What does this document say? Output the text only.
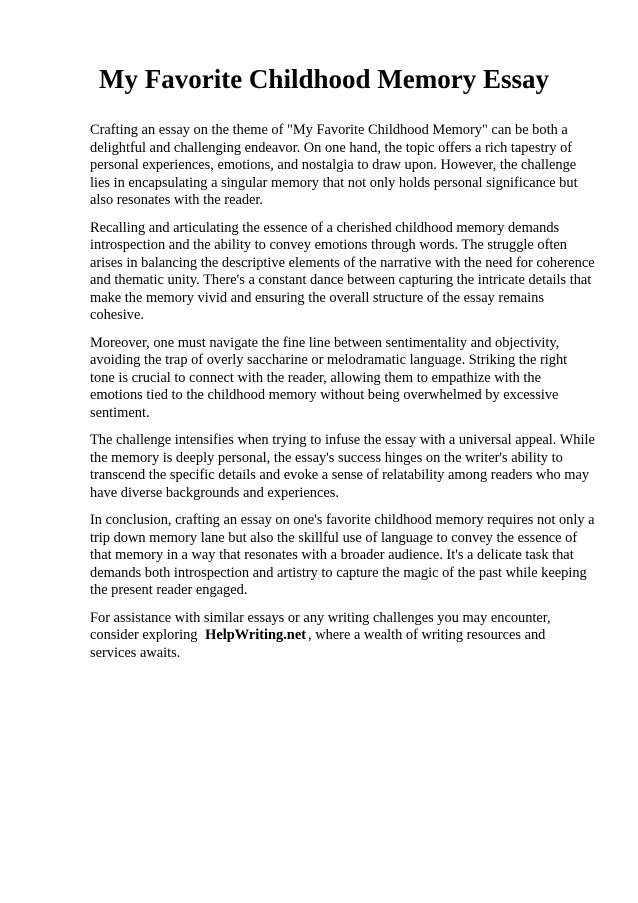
My Favorite Childhood Memory Essay

Crafting an essay on the theme of "My Favorite Childhood Memory" can be both a delightful and challenging endeavor. On one hand, the topic offers a rich tapestry of personal experiences, emotions, and nostalgia to draw upon. However, the challenge lies in encapsulating a singular memory that not only holds personal significance but also resonates with the reader.

Recalling and articulating the essence of a cherished childhood memory demands introspection and the ability to convey emotions through words. The struggle often arises in balancing the descriptive elements of the narrative with the need for coherence and thematic unity. There's a constant dance between capturing the intricate details that make the memory vivid and ensuring the overall structure of the essay remains cohesive.

Moreover, one must navigate the fine line between sentimentality and objectivity, avoiding the trap of overly saccharine or melodramatic language. Striking the right tone is crucial to connect with the reader, allowing them to empathize with the emotions tied to the childhood memory without being overwhelmed by excessive sentiment.

The challenge intensifies when trying to infuse the essay with a universal appeal. While the memory is deeply personal, the essay's success hinges on the writer's ability to transcend the specific details and evoke a sense of relatability among readers who may have diverse backgrounds and experiences.

In conclusion, crafting an essay on one's favorite childhood memory requires not only a trip down memory lane but also the skillful use of language to convey the essence of that memory in a way that resonates with a broader audience. It's a delicate task that demands both introspection and artistry to capture the magic of the past while keeping the present reader engaged.

For assistance with similar essays or any writing challenges you may encounter, consider exploring HelpWriting.net , where a wealth of writing resources and services awaits.
